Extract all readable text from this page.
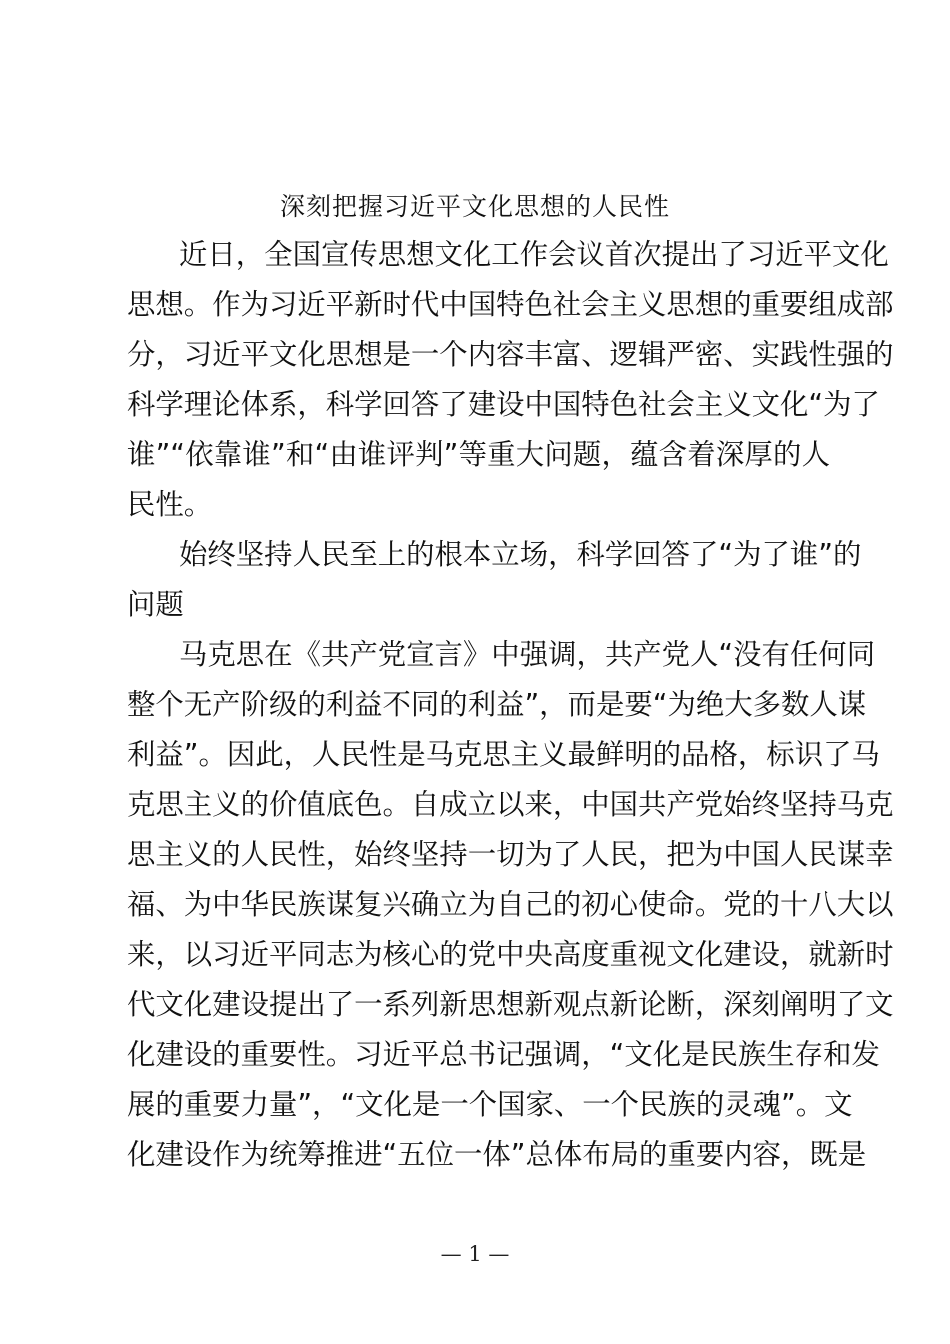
深刻把握习近平文化思想的人民性
近日，全国宣传思想文化工作会议首次提出了习近平文化
思想。作为习近平新时代中国特色社会主义思想的重要组成部
分，习近平文化思想是一个内容丰富、逻辑严密、实践性强的
科学理论体系，科学回答了建设中国特色社会主义文化“为了
谁”“依靠谁”和“由谁评判”等重大问题，蕴含着深厚的人
民性。
始终坚持人民至上的根本立场，科学回答了“为了谁”的
问题
马克思在《共产党宣言》中强调，共产党人“没有任何同
整个无产阶级的利益不同的利益”，而是要“为绝大多数人谋
利益”。因此，人民性是马克思主义最鲜明的品格，标识了马
克思主义的价值底色。自成立以来，中国共产党始终坚持马克
思主义的人民性，始终坚持一切为了人民，把为中国人民谋幸
福、为中华民族谋复兴确立为自己的初心使命。党的十八大以
来，以习近平同志为核心的党中央高度重视文化建设，就新时
代文化建设提出了一系列新思想新观点新论断，深刻阐明了文
化建设的重要性。习近平总书记强调，“文化是民族生存和发
展的重要力量”，“文化是一个国家、一个民族的灵魂”。文
化建设作为统筹推进“五位一体”总体布局的重要内容，既是
— 1 —
